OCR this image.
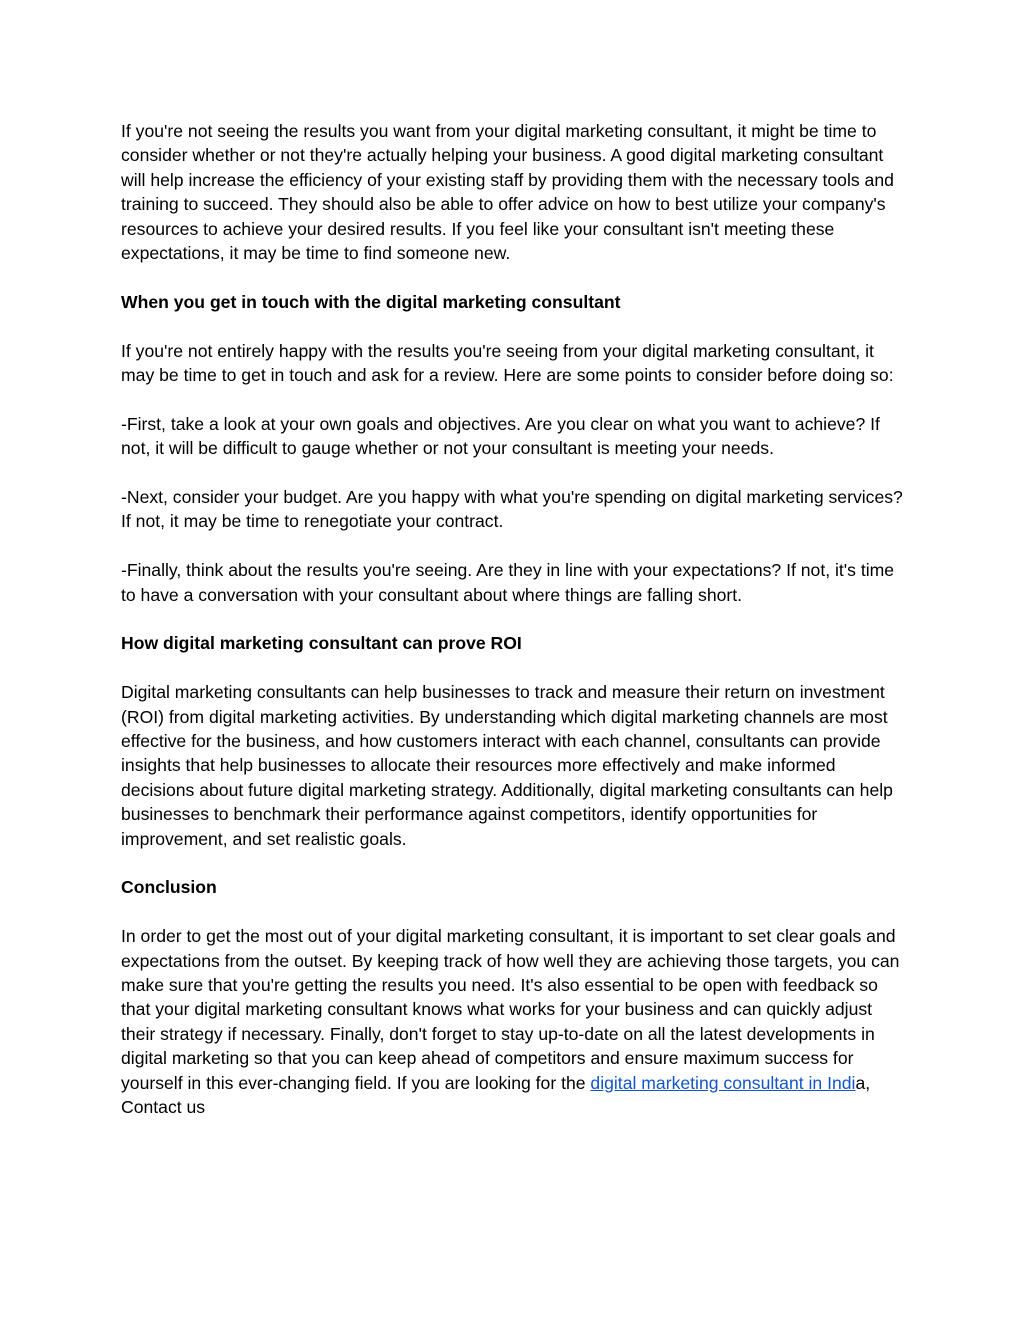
If you're not seeing the results you want from your digital marketing consultant, it might be time to consider whether or not they're actually helping your business. A good digital marketing consultant will help increase the efficiency of your existing staff by providing them with the necessary tools and training to succeed. They should also be able to offer advice on how to best utilize your company's resources to achieve your desired results. If you feel like your consultant isn't meeting these expectations, it may be time to find someone new.

When you get in touch with the digital marketing consultant

If you're not entirely happy with the results you're seeing from your digital marketing consultant, it may be time to get in touch and ask for a review. Here are some points to consider before doing so:

-First, take a look at your own goals and objectives. Are you clear on what you want to achieve? If not, it will be difficult to gauge whether or not your consultant is meeting your needs.

-Next, consider your budget. Are you happy with what you're spending on digital marketing services? If not, it may be time to renegotiate your contract.

-Finally, think about the results you're seeing. Are they in line with your expectations? If not, it's time to have a conversation with your consultant about where things are falling short.

How digital marketing consultant can prove ROI

Digital marketing consultants can help businesses to track and measure their return on investment (ROI) from digital marketing activities. By understanding which digital marketing channels are most effective for the business, and how customers interact with each channel, consultants can provide insights that help businesses to allocate their resources more effectively and make informed decisions about future digital marketing strategy. Additionally, digital marketing consultants can help businesses to benchmark their performance against competitors, identify opportunities for improvement, and set realistic goals.

Conclusion

In order to get the most out of your digital marketing consultant, it is important to set clear goals and expectations from the outset. By keeping track of how well they are achieving those targets, you can make sure that you're getting the results you need. It's also essential to be open with feedback so that your digital marketing consultant knows what works for your business and can quickly adjust their strategy if necessary. Finally, don't forget to stay up-to-date on all the latest developments in digital marketing so that you can keep ahead of competitors and ensure maximum success for yourself in this ever-changing field. If you are looking for the digital marketing consultant in India, Contact us
